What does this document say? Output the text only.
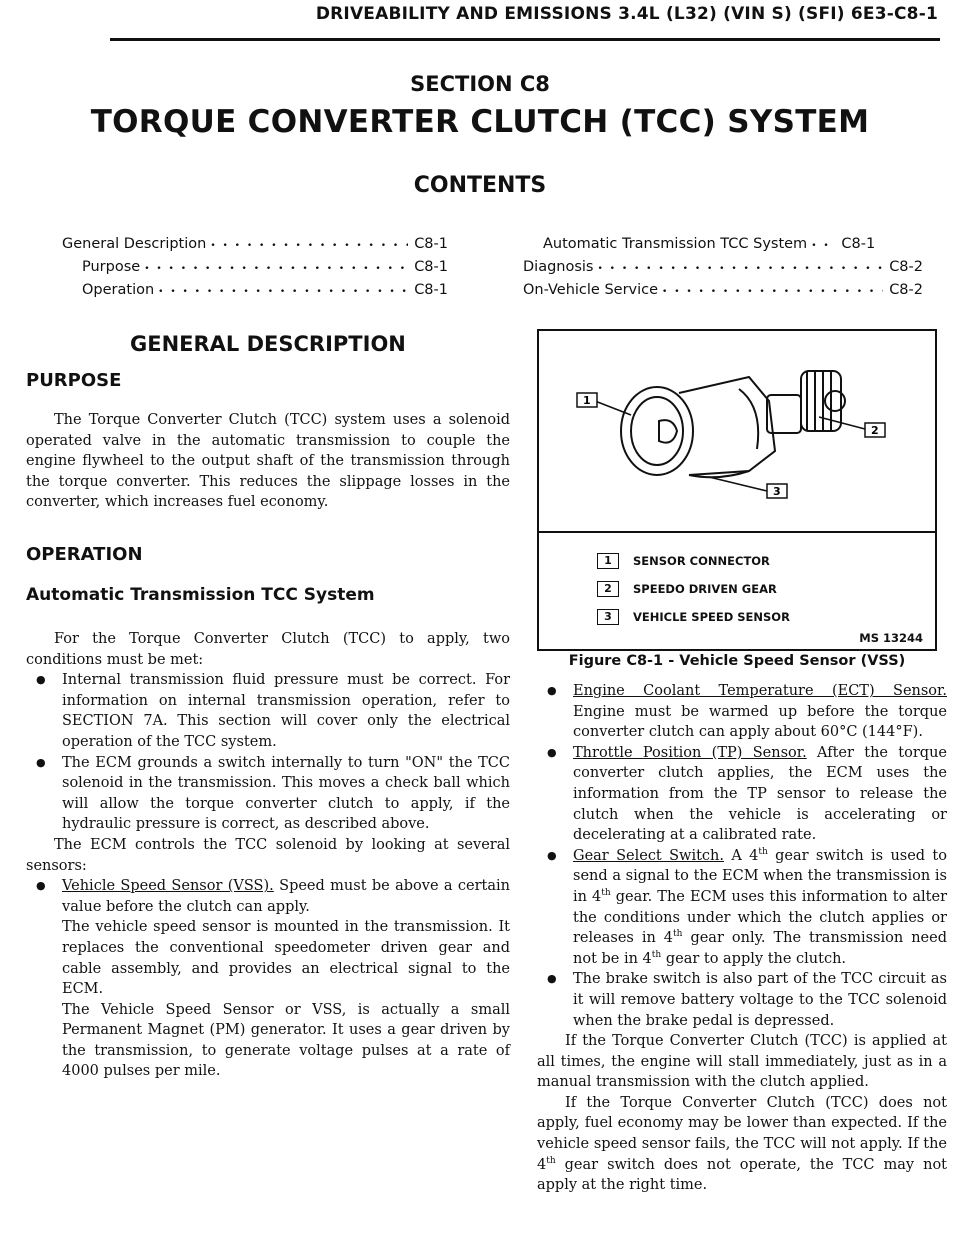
DRIVEABILITY AND EMISSIONS 3.4L (L32) (VIN S) (SFI) 6E3-C8-1
SECTION C8
TORQUE CONVERTER CLUTCH (TCC) SYSTEM
CONTENTS
General Description • • •	C8-1
Purpose • • •	C8-1
Operation • • •	C8-1
Automatic Transmission TCC System • • •	C8-1
Diagnosis • • •	C8-2
On-Vehicle Service • • •	C8-2
GENERAL DESCRIPTION
PURPOSE

The Torque Converter Clutch (TCC) system uses a solenoid operated valve in the automatic transmission to couple the engine flywheel to the output shaft of the transmission through the torque converter. This reduces the slippage losses in the converter, which increases fuel economy.

OPERATION
Automatic Transmission TCC System

For the Torque Converter Clutch (TCC) to apply, two conditions must be met:

● Internal transmission fluid pressure must be correct. For information on internal transmission operation, refer to SECTION 7A. This section will cover only the electrical operation of the TCC system.

● The ECM grounds a switch internally to turn "ON" the TCC solenoid in the transmission. This moves a check ball which will allow the torque converter clutch to apply, if the hydraulic pressure is correct, as described above.

The ECM controls the TCC solenoid by looking at several sensors:

● Vehicle Speed Sensor (VSS). Speed must be above a certain value before the clutch can apply.

The vehicle speed sensor is mounted in the transmission. It replaces the conventional speedometer driven gear and cable assembly, and provides an electrical signal to the ECM.

The Vehicle Speed Sensor or VSS, is actually a small Permanent Magnet (PM) generator. It uses a gear driven by the transmission, to generate voltage pulses at a rate of 4000 pulses per mile.

1
2
3
1	SENSOR CONNECTOR
2	SPEEDO DRIVEN GEAR
3	VEHICLE SPEED SENSOR
MS 13244
Figure C8-1 - Vehicle Speed Sensor (VSS)

● Engine Coolant Temperature (ECT) Sensor. Engine must be warmed up before the torque converter clutch can apply about 60°C (144°F).

● Throttle Position (TP) Sensor. After the torque converter clutch applies, the ECM uses the information from the TP sensor to release the clutch when the vehicle is accelerating or decelerating at a calibrated rate.

● Gear Select Switch. A 4th gear switch is used to send a signal to the ECM when the transmission is in 4th gear. The ECM uses this information to alter the conditions under which the clutch applies or releases in 4th gear only. The transmission need not be in 4th gear to apply the clutch.

● The brake switch is also part of the TCC circuit as it will remove battery voltage to the TCC solenoid when the brake pedal is depressed.

If the Torque Converter Clutch (TCC) is applied at all times, the engine will stall immediately, just as in a manual transmission with the clutch applied.

If the Torque Converter Clutch (TCC) does not apply, fuel economy may be lower than expected. If the vehicle speed sensor fails, the TCC will not apply. If the 4th gear switch does not operate, the TCC may not apply at the right time.
